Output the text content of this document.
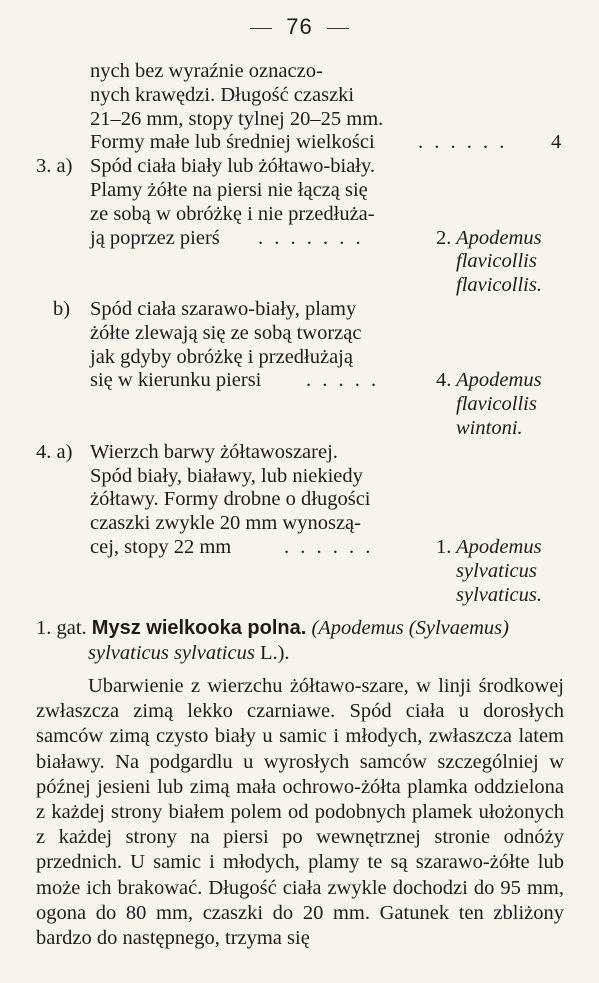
76
nych bez wyraźnie oznaczo-
nych krawędzi. Długość czaszki
21–26 mm, stopy tylnej 20–25 mm.
Formy małe lub średniej wielkości . . . . . . 4
3. a) Spód ciała biały lub żółtawo-biały.
Plamy żółte na piersi nie łączą się
ze sobą w obróżkę i nie przedłuża-
ją poprzez pierś . . . . . . .	2. Apodemus
flavicollis
flavicollis.
b) Spód ciała szarawo-biały, plamy
żółte zlewają się ze sobą tworząc
jak gdyby obróżkę i przedłużają
się w kierunku piersi . . . . .	4. Apodemus
flavicollis
wintoni.
4. a) Wierzch barwy żółtawoszarej.
Spód biały, białawy, lub niekiedy
żółtawy. Formy drobne o długości
czaszki zwykle 20 mm wynoszą-
cej, stopy 22 mm	. . . . . .	1. Apodemus
sylvaticus
sylvaticus.
1. gat. Mysz wielkooka polna. (Apodemus (Sylvaemus)
sylvaticus sylvaticus L.).
Ubarwienie z wierzchu żółtawo-szare, w linji środkowej zwłaszcza zimą lekko czarniawe. Spód ciała u dorosłych samców zimą czysto biały u samic i młodych, zwłaszcza latem białawy. Na podgardlu u wyrosłych samców szczególniej w późnej jesieni lub zimą mała ochrowo-żółta plamka oddzielona z każdej strony białem polem od podobnych plamek ułożonych z każdej strony na piersi po wewnętrznej stronie odnóży przednich. U samic i młodych, plamy te są szarawo-żółte lub może ich brakować. Długość ciała zwykle dochodzi do 95 mm, ogona do 80 mm, czaszki do 20 mm. Gatunek ten zbliżony bardzo do następnego, trzyma się
